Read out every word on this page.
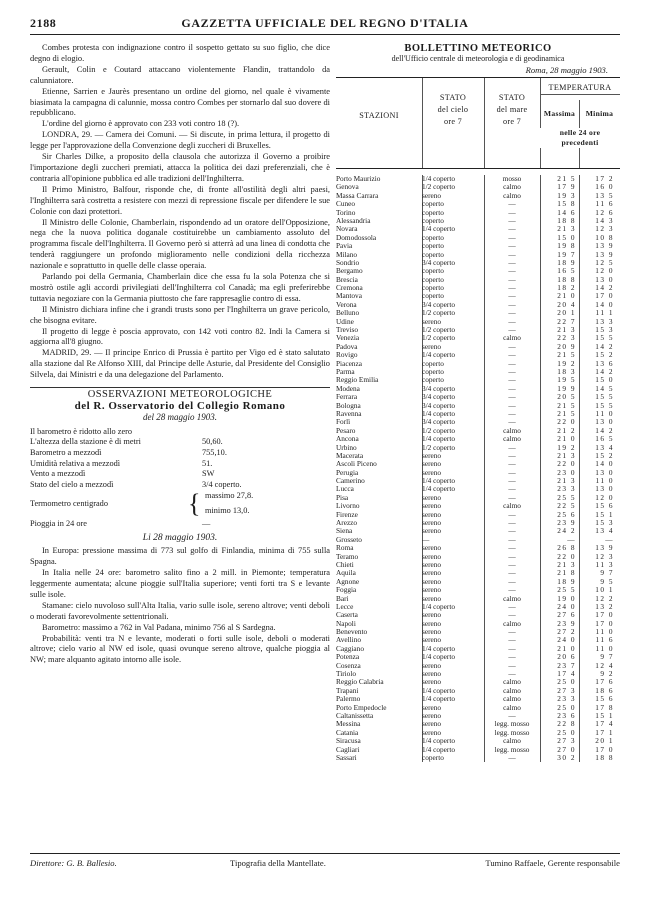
2188	GAZZETTA UFFICIALE DEL REGNO D'ITALIA

Combes protesta con indignazione contro il sospetto gettato su suo figlio, che dice degno di elogio.

Gerault, Colin e Coutard attaccano violentemente Flandin, trattandolo da calunniatore.

Etienne, Sarrien e Jaurès presentano un ordine del giorno, nel quale è vivamente biasimata la campagna di calunnie, mossa contro Combes per stornarlo dal suo dovere di repubblicano.

L'ordine del giorno è approvato con 233 voti contro 18 (?).

LONDRA, 29. — Camera dei Comuni. — Si discute, in prima lettura, il progetto di legge per l'approvazione della Convenzione degli zuccheri di Bruxelles.

Sir Charles Dilke, a proposito della clausola che autorizza il Governo a proibire l'importazione degli zuccheri premiati, attacca la politica dei dazi preferenziali, che è contraria all'opinione pubblica ed alle tradizioni dell'Inghilterra.

Il Primo Ministro, Balfour, risponde che, di fronte all'ostilità degli altri paesi, l'Inghilterra sarà costretta a resistere con mezzi di repressione fiscale per difendere le sue Colonie con dazi protettori.

Il Ministro delle Colonie, Chamberlain, rispondendo ad un oratore dell'Opposizione, nega che la nuova politica doganale costituirebbe un cambiamento assoluto del programma fiscale dell'Inghilterra. Il Governo però si atterrà ad una linea di condotta che tenderà raggiungere un profondo miglioramento nelle condizioni della ricchezza nazionale e soprattutto in quelle delle classe operaia.

Parlando poi della Germania, Chamberlain dice che essa fu la sola Potenza che si mostrò ostile agli accordi privilegiati dell'Inghilterra col Canadà; ma egli preferirebbe tuttavia negoziare con la Germania piuttosto che fare rappresaglie contro di essa.

Il Ministro dichiara infine che i grandi trusts sono per l'Inghilterra un grave pericolo, che bisogna evitare.

Il progetto di legge è poscia approvato, con 142 voti contro 82. Indi la Camera si aggiorna all'8 giugno.

MADRID, 29. — Il principe Enrico di Prussia è partito per Vigo ed è stato salutato alla stazione dal Re Alfonso XIII, dal Principe delle Asturie, dal Presidente del Consiglio Silvela, dai Ministri e da una delegazione del Parlamento.

OSSERVAZIONI METEOROLOGICHE
del R. Osservatorio del Collegio Romano
del 28 maggio 1903.
Il barometro è ridotto allo zero
L'altezza della stazione è di metri	50,60.
Barometro a mezzodì	755,10.
Umidità relativa a mezzodì	51.
Vento a mezzodì	SW
Stato del cielo a mezzodì	3/4 coperto.
Termometro centigrado	{ massimo 27,8.
minimo 13,0.
Pioggia in 24 ore	—
Li 28 maggio 1903.

In Europa: pressione massima di 773 sul golfo di Finlandia, minima di 755 sulla Spagna.

In Italia nelle 24 ore: barometro salito fino a 2 mill. in Piemonte; temperatura leggermente aumentata; alcune pioggie sull'Italia superiore; venti forti tra S e levante sulle isole.

Stamane: cielo nuvoloso sull'Alta Italia, vario sulle isole, sereno altrove; venti deboli o moderati favorevolmente settentrionali.

Barometro: massimo a 762 in Val Padana, minimo 756 al S Sardegna.

Probabilità: venti tra N e levante, moderati o forti sulle isole, deboli o moderati altrove; cielo vario al NW ed isole, quasi ovunque sereno altrove, qualche pioggia al NW; mare alquanto agitato intorno alle isole.

BOLLETTINO METEORICO
dell'Ufficio centrale di meteorologia e di geodinamica
Roma, 28 maggio 1903.
STAZIONI
STATO
del cielo
ore 7
STATO
del mare
ore 7
TEMPERATURA
Massima	Minima
nelle 24 ore
precedenti
Porto Maurizio	1/4 coperto	mosso	21 5	17 2
Genova	1/2 coperto	calmo	17 9	16 0
Massa Carrara	sereno	calmo	19 3	13 5
Cuneo	coperto	—	15 8	11 6
Torino	coperto	—	14 6	12 6
Alessandria	coperto	—	18 8	14 3
Novara	1/4 coperto	—	21 3	12 3
Domodossola	coperto	—	15 0	10 8
Pavia	coperto	—	19 8	13 9
Milano	coperto	—	19 7	13 9
Sondrio	3/4 coperto	—	18 9	12 5
Bergamo	coperto	—	16 5	12 0
Brescia	coperto	—	18 8	13 0
Cremona	coperto	—	18 2	14 2
Mantova	coperto	—	21 0	17 0
Verona	3/4 coperto	—	20 4	14 0
Belluno	1/2 coperto	—	20 1	11 1
Udine	sereno	—	22 7	13 3
Treviso	1/2 coperto	—	21 3	15 3
Venezia	1/2 coperto	calmo	22 3	15 5
Padova	sereno	—	20 9	14 2
Rovigo	1/4 coperto	—	21 5	15 2
Piacenza	coperto	—	19 2	13 6
Parma	coperto	—	18 3	14 2
Reggio Emilia	coperto	—	19 5	15 0
Modena	3/4 coperto	—	19 9	14 5
Ferrara	3/4 coperto	—	20 5	15 5
Bologna	3/4 coperto	—	21 5	15 5
Ravenna	1/4 coperto	—	21 5	11 0
Forlì	3/4 coperto	—	22 0	13 0
Pesaro	1/2 coperto	calmo	21 2	14 2
Ancona	1/4 coperto	calmo	21 0	16 5
Urbino	1/2 coperto	—	19 2	13 4
Macerata	sereno	—	21 3	15 2
Ascoli Piceno	sereno	—	22 0	14 0
Perugia	sereno	—	23 0	13 0
Camerino	1/4 coperto	—	21 3	11 0
Lucca	1/4 coperto	—	23 3	13 0
Pisa	sereno	—	25 5	12 0
Livorno	sereno	calmo	22 5	15 6
Firenze	sereno	—	25 6	15 1
Arezzo	sereno	—	23 9	15 3
Siena	sereno	—	24 2	13 4
Grosseto	—	—	—	—
Roma	sereno	—	26 8	13 9
Teramo	sereno	—	22 0	12 3
Chieti	sereno	—	21 3	11 3
Aquila	sereno	—	21 8	9 7
Agnone	sereno	—	18 9	9 5
Foggia	sereno	—	25 5	10 1
Bari	sereno	calmo	19 0	12 2
Lecce	1/4 coperto	—	24 0	13 2
Caserta	sereno	—	27 6	17 0
Napoli	sereno	calmo	23 9	17 0
Benevento	sereno	—	27 2	11 0
Avellino	sereno	—	24 0	11 6
Caggiano	1/4 coperto	—	21 0	11 0
Potenza	1/4 coperto	—	20 6	9 7
Cosenza	sereno	—	23 7	12 4
Tiriolo	sereno	—	17 4	9 2
Reggio Calabria	sereno	calmo	25 0	17 6
Trapani	1/4 coperto	calmo	27 3	18 6
Palermo	1/4 coperto	calmo	23 3	15 6
Porto Empedocle	sereno	calmo	25 0	17 8
Caltanissetta	sereno	—	23 6	15 1
Messina	sereno	legg. mosso	22 8	17 4
Catania	sereno	legg. mosso	25 0	17 1
Siracusa	1/4 coperto	calmo	27 3	20 1
Cagliari	1/4 coperto	legg. mosso	27 0	17 0
Sassari	coperto	—	30 2	18 8
Direttore: G. B. Ballesio.	Tipografia della Mantellate.	Tumino Raffaele, Gerente responsabile
